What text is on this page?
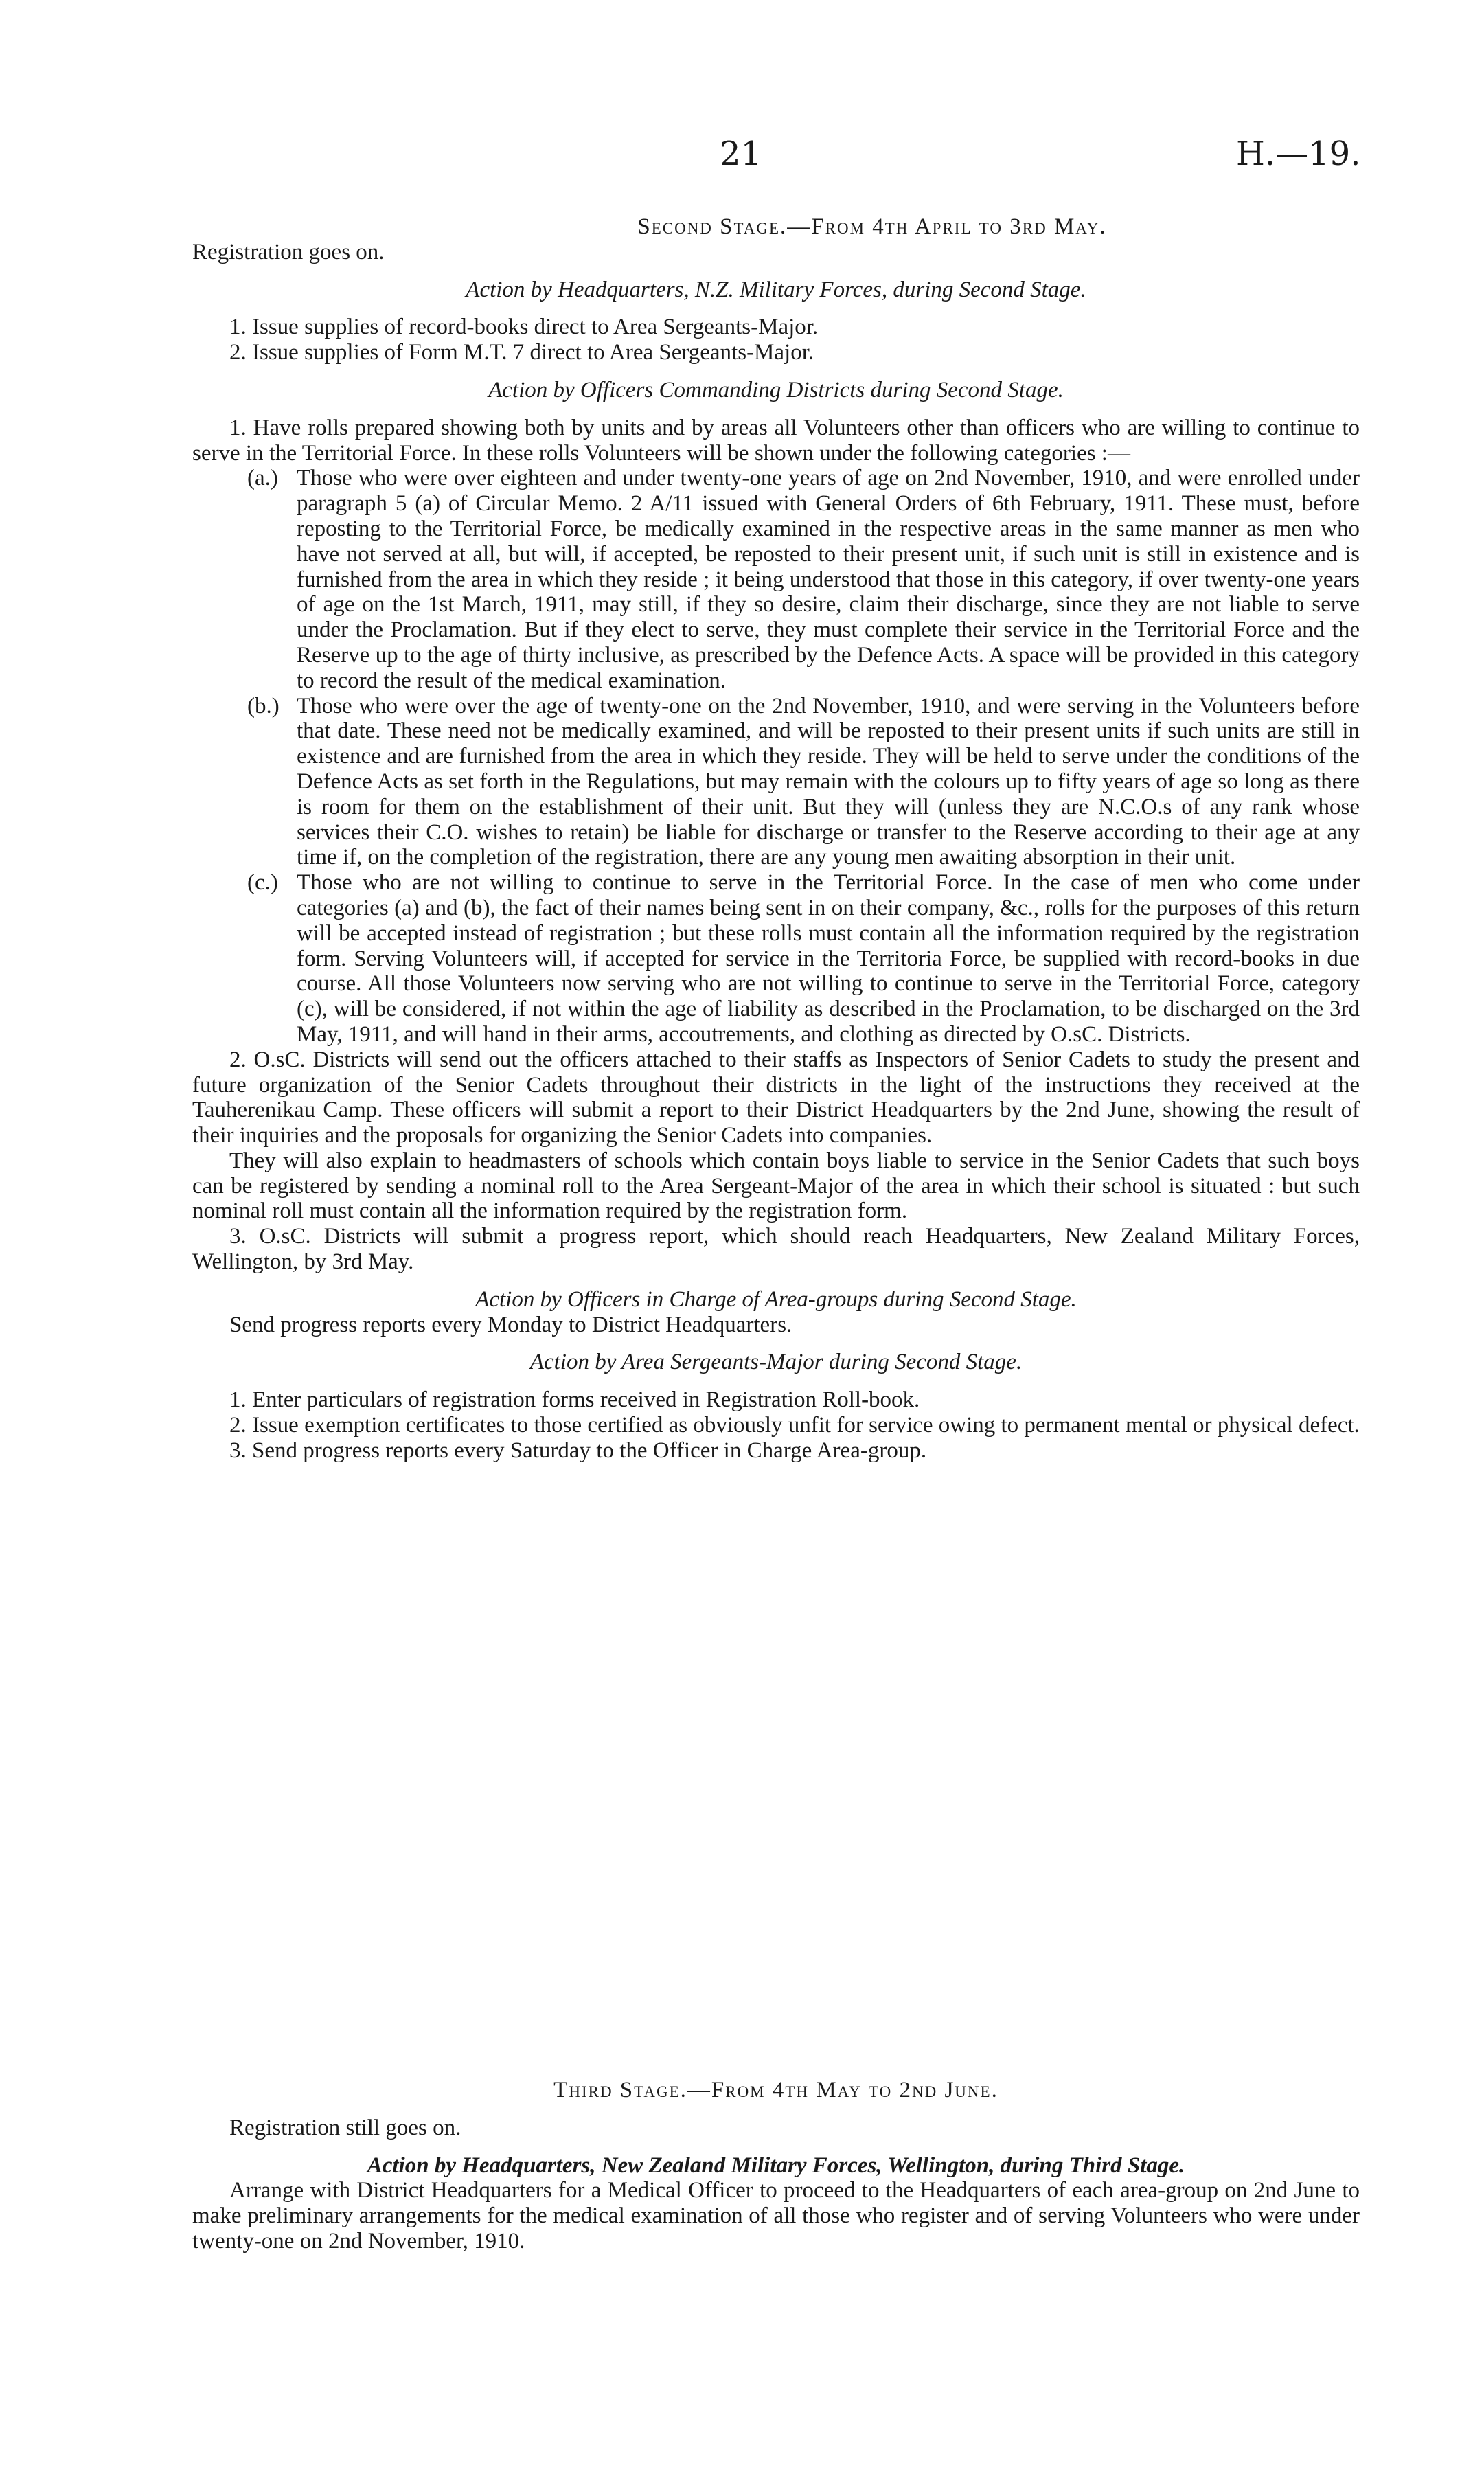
21	H.—19.

Second Stage.—From 4th April to 3rd May.

Registration goes on.

Action by Headquarters, N.Z. Military Forces, during Second Stage.

1. Issue supplies of record-books direct to Area Sergeants-Major.

2. Issue supplies of Form M.T. 7 direct to Area Sergeants-Major.

Action by Officers Commanding Districts during Second Stage.

1. Have rolls prepared showing both by units and by areas all Volunteers other than officers who are willing to continue to serve in the Territorial Force. In these rolls Volunteers will be shown under the following categories :—

(a.) Those who were over eighteen and under twenty-one years of age on 2nd November, 1910, and were enrolled under paragraph 5 (a) of Circular Memo. 2 A/11 issued with General Orders of 6th February, 1911. These must, before reposting to the Territorial Force, be medically examined in the respective areas in the same manner as men who have not served at all, but will, if accepted, be reposted to their present unit, if such unit is still in existence and is furnished from the area in which they reside ; it being understood that those in this category, if over twenty-one years of age on the 1st March, 1911, may still, if they so desire, claim their discharge, since they are not liable to serve under the Proclamation. But if they elect to serve, they must complete their service in the Territorial Force and the Reserve up to the age of thirty inclusive, as prescribed by the Defence Acts. A space will be provided in this category to record the result of the medical examination.
(b.) Those who were over the age of twenty-one on the 2nd November, 1910, and were serving in the Volunteers before that date. These need not be medically examined, and will be reposted to their present units if such units are still in existence and are furnished from the area in which they reside. They will be held to serve under the conditions of the Defence Acts as set forth in the Regulations, but may remain with the colours up to fifty years of age so long as there is room for them on the establishment of their unit. But they will (unless they are N.C.O.s of any rank whose services their C.O. wishes to retain) be liable for discharge or transfer to the Reserve according to their age at any time if, on the completion of the registration, there are any young men awaiting absorption in their unit.
(c.) Those who are not willing to continue to serve in the Territorial Force. In the case of men who come under categories (a) and (b), the fact of their names being sent in on their company, &c., rolls for the purposes of this return will be accepted instead of registration ; but these rolls must contain all the information required by the registration form. Serving Volunteers will, if accepted for service in the Territoria Force, be supplied with record-books in due course. All those Volunteers now serving who are not willing to continue to serve in the Territorial Force, category (c), will be considered, if not within the age of liability as described in the Proclamation, to be discharged on the 3rd May, 1911, and will hand in their arms, accoutrements, and clothing as directed by O.sC. Districts.

2. O.sC. Districts will send out the officers attached to their staffs as Inspectors of Senior Cadets to study the present and future organization of the Senior Cadets throughout their districts in the light of the instructions they received at the Tauherenikau Camp. These officers will submit a report to their District Headquarters by the 2nd June, showing the result of their inquiries and the proposals for organizing the Senior Cadets into companies.

They will also explain to headmasters of schools which contain boys liable to service in the Senior Cadets that such boys can be registered by sending a nominal roll to the Area Sergeant-Major of the area in which their school is situated : but such nominal roll must contain all the information required by the registration form.

3. O.sC. Districts will submit a progress report, which should reach Headquarters, New Zealand Military Forces, Wellington, by 3rd May.

Action by Officers in Charge of Area-groups during Second Stage.

Send progress reports every Monday to District Headquarters.

Action by Area Sergeants-Major during Second Stage.

1. Enter particulars of registration forms received in Registration Roll-book.

2. Issue exemption certificates to those certified as obviously unfit for service owing to permanent mental or physical defect.

3. Send progress reports every Saturday to the Officer in Charge Area-group.

Third Stage.—From 4th May to 2nd June.

Registration still goes on.

Action by Headquarters, New Zealand Military Forces, Wellington, during Third Stage.

Arrange with District Headquarters for a Medical Officer to proceed to the Headquarters of each area-group on 2nd June to make preliminary arrangements for the medical examination of all those who register and of serving Volunteers who were under twenty-one on 2nd November, 1910.
